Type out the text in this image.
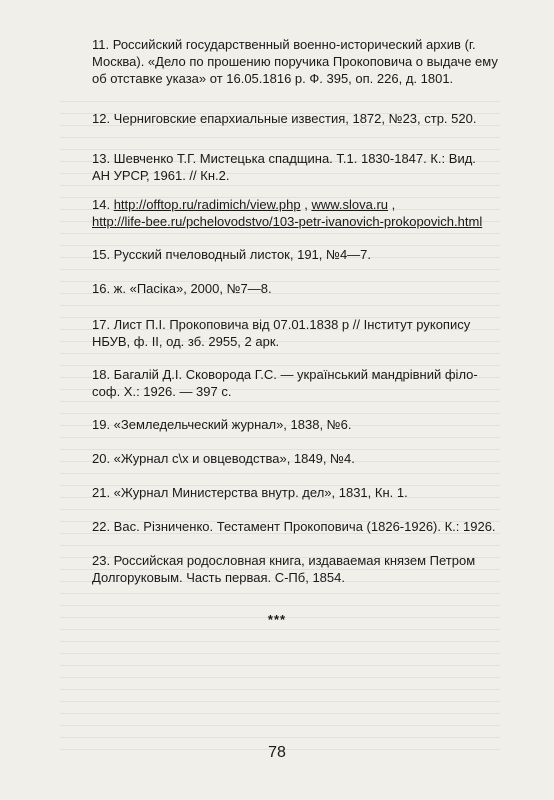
11. Российский государственный военно-исторический архив (г.
Москва). «Дело по прошению поручика Прокоповича о выдаче ему
об отставке указа» от 16.05.1816 р. Ф. 395, оп. 226, д. 1801.
12. Черниговские епархиальные известия, 1872, №23, стр. 520.
13. Шевченко Т.Г. Мистецька спадщина. Т.1. 1830-1847. К.: Вид.
АН УРСР, 1961. // Кн.2.
14. http://offtop.ru/radimich/view.php , www.slova.ru ,
http://life-bee.ru/pchelovodstvo/103-petr-ivanovich-prokopovich.html
15. Русский пчеловодный листок, 191, №4—7.
16. ж. «Пасіка», 2000, №7—8.
17. Лист П.І. Прокоповича від 07.01.1838 р // Інститут рукопису
НБУВ, ф. ІІ, од. зб. 2955, 2 арк.
18. Багалій Д.І. Сковорода Г.С. — український мандрівний філо-
соф. Х.: 1926. — 397 с.
19. «Земледельческий журнал», 1838, №6.
20. «Журнал с\х и овцеводства», 1849, №4.
21. «Журнал Министерства внутр. дел», 1831, Кн. 1.
22. Вас. Різниченко. Тестамент Прокоповича (1826-1926). К.: 1926.
23. Российская родословная книга, издаваемая князем Петром
Долгоруковым. Часть первая. С-Пб, 1854.
***
78
